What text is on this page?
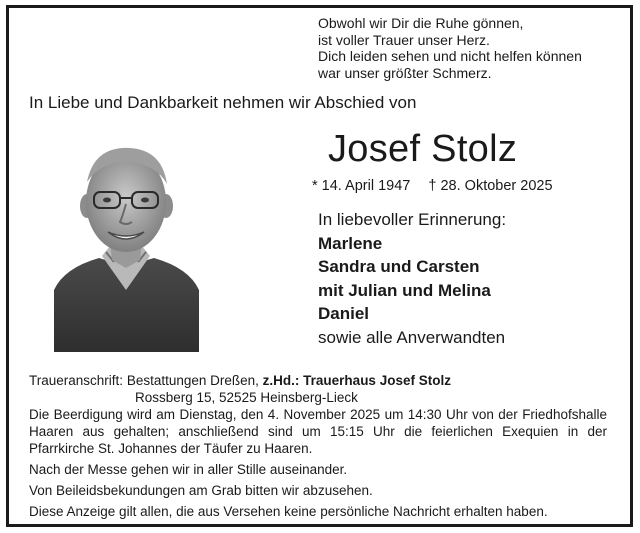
Obwohl wir Dir die Ruhe gönnen,
ist voller Trauer unser Herz.
Dich leiden sehen und nicht helfen können
war unser größter Schmerz.
In Liebe und Dankbarkeit nehmen wir Abschied von
Josef Stolz
* 14. April 1947 † 28. Oktober 2025
In liebevoller Erinnerung:
Marlene
Sandra und Carsten
mit Julian und Melina
Daniel
sowie alle Anverwandten
Traueranschrift: Bestattungen Dreßen, z.Hd.: Trauerhaus Josef Stolz
Rossberg 15, 52525 Heinsberg-Lieck
Die Beerdigung wird am Dienstag, den 4. November 2025 um 14:30 Uhr von der Friedhofshalle Haaren aus gehalten; anschließend sind um 15:15 Uhr die feierlichen Exequien in der Pfarrkirche St. Johannes der Täufer zu Haaren.
Nach der Messe gehen wir in aller Stille auseinander.
Von Beileidsbekundungen am Grab bitten wir abzusehen.
Diese Anzeige gilt allen, die aus Versehen keine persönliche Nachricht erhalten haben.
